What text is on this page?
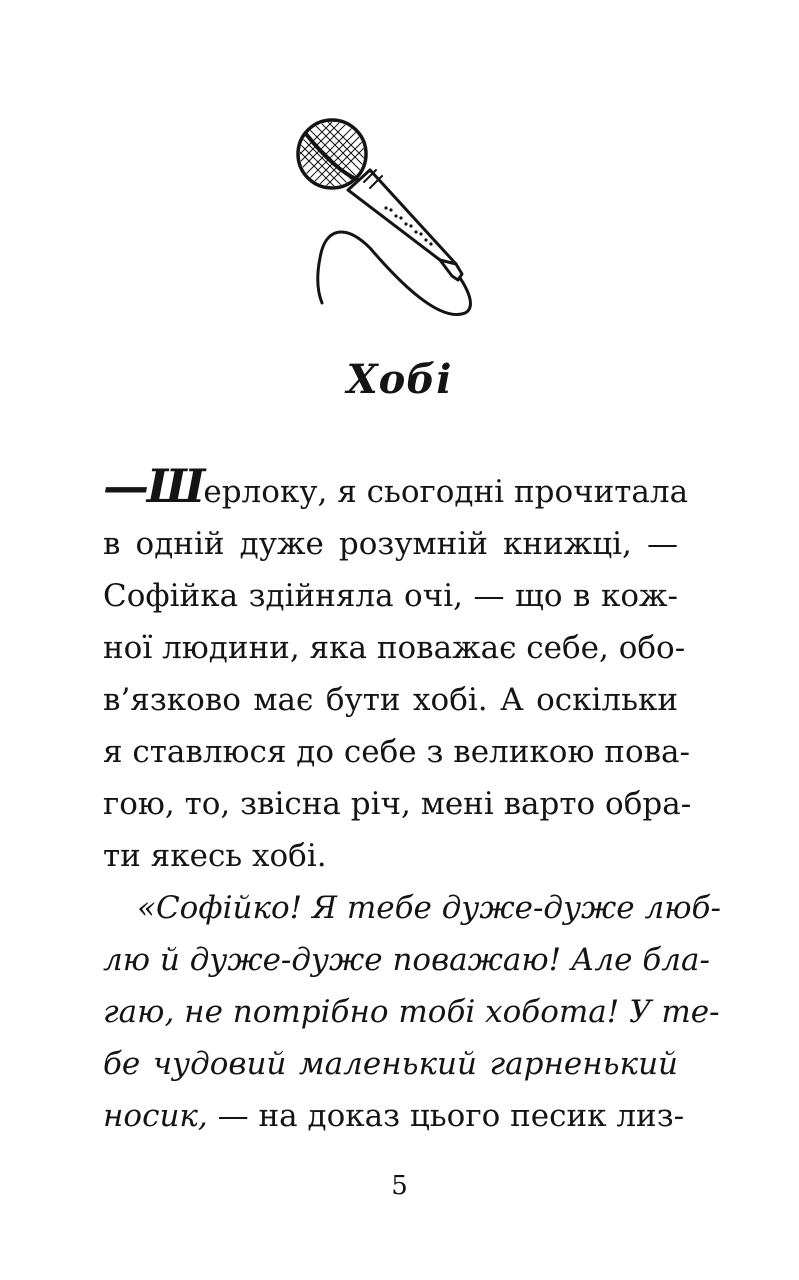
Хобі
—Шерлоку, я сьогодні прочитала
в одній дуже розумній книжці, —
Софійка здійняла очі, — що в кож-
ної людини, яка поважає себе, обо-
в’язково має бути хобі. А оскільки
я ставлюся до себе з великою пова-
гою, то, звісна річ, мені варто обра-
ти якесь хобі.
«Софійко! Я тебе дуже-дуже люб-
лю й дуже-дуже поважаю! Але бла-
гаю, не потрібно тобі хобота! У те-
бе чудовий маленький гарненький
носик, — на доказ цього песик лиз-
5
